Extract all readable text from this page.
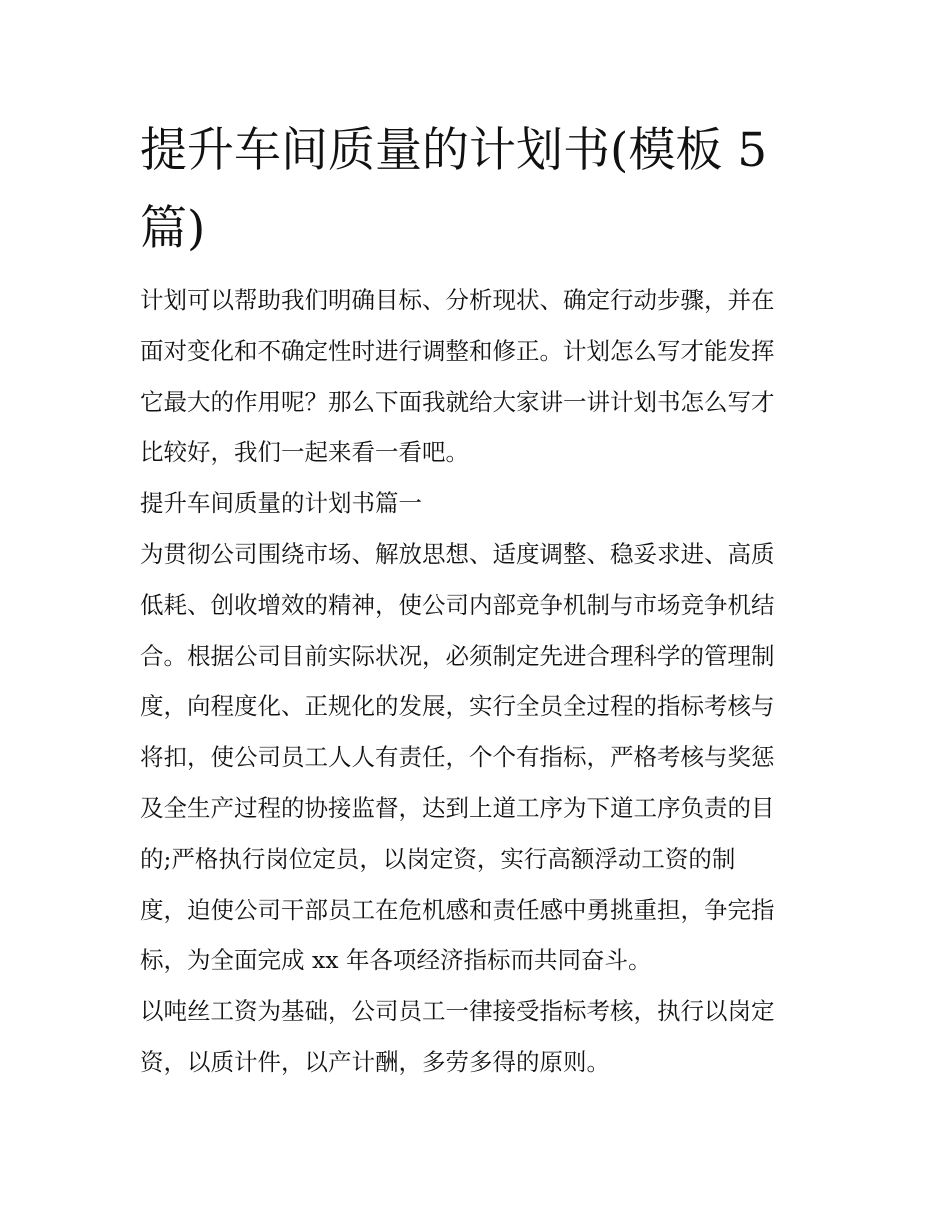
提升车间质量的计划书(模板 5
篇)
计划可以帮助我们明确目标、分析现状、确定行动步骤，并在
面对变化和不确定性时进行调整和修正。计划怎么写才能发挥
它最大的作用呢？那么下面我就给大家讲一讲计划书怎么写才
比较好，我们一起来看一看吧。
提升车间质量的计划书篇一
为贯彻公司围绕市场、解放思想、适度调整、稳妥求进、高质
低耗、创收增效的精神，使公司内部竞争机制与市场竞争机结
合。根据公司目前实际状况，必须制定先进合理科学的管理制
度，向程度化、正规化的发展，实行全员全过程的指标考核与
将扣，使公司员工人人有责任，个个有指标，严格考核与奖惩
及全生产过程的协接监督，达到上道工序为下道工序负责的目
的;严格执行岗位定员，以岗定资，实行高额浮动工资的制
度，迫使公司干部员工在危机感和责任感中勇挑重担，争完指
标，为全面完成 xx 年各项经济指标而共同奋斗。
以吨丝工资为基础，公司员工一律接受指标考核，执行以岗定
资，以质计件，以产计酬，多劳多得的原则。
